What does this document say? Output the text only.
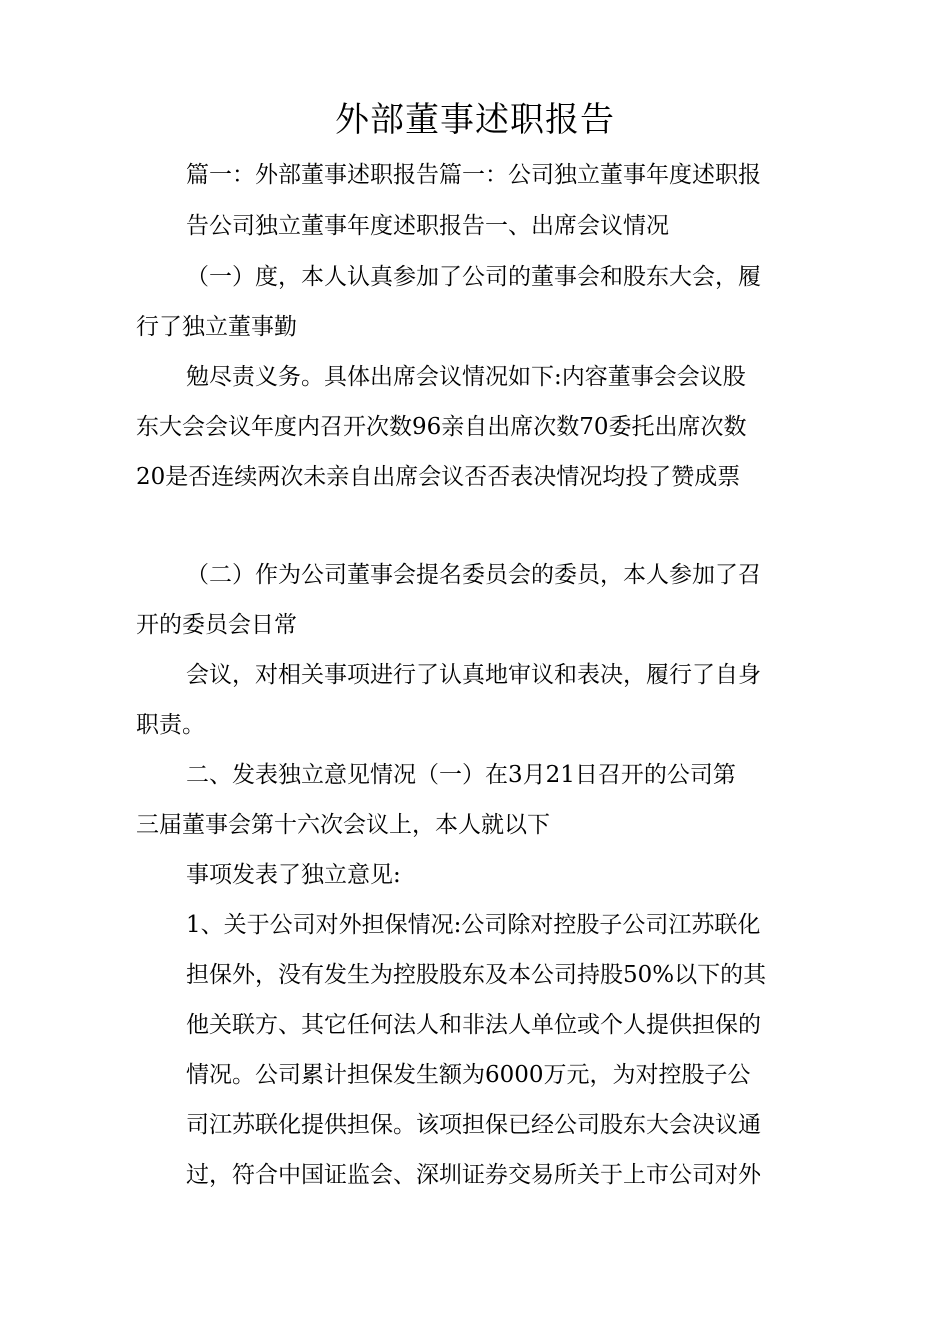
外部董事述职报告
篇一：外部董事述职报告篇一：公司独立董事年度述职报
告公司独立董事年度述职报告一、出席会议情况
（一）度，本人认真参加了公司的董事会和股东大会，履
行了独立董事勤
勉尽责义务。具体出席会议情况如下:内容董事会会议股
东大会会议年度内召开次数96亲自出席次数70委托出席次数
20是否连续两次未亲自出席会议否否表决情况均投了赞成票
（二）作为公司董事会提名委员会的委员，本人参加了召
开的委员会日常
会议，对相关事项进行了认真地审议和表决，履行了自身
职责。
二、发表独立意见情况（一）在3月21日召开的公司第
三届董事会第十六次会议上，本人就以下
事项发表了独立意见:
1、关于公司对外担保情况:公司除对控股子公司江苏联化
担保外，没有发生为控股股东及本公司持股50%以下的其
他关联方、其它任何法人和非法人单位或个人提供担保的
情况。公司累计担保发生额为6000万元，为对控股子公
司江苏联化提供担保。该项担保已经公司股东大会决议通
过，符合中国证监会、深圳证券交易所关于上市公司对外
